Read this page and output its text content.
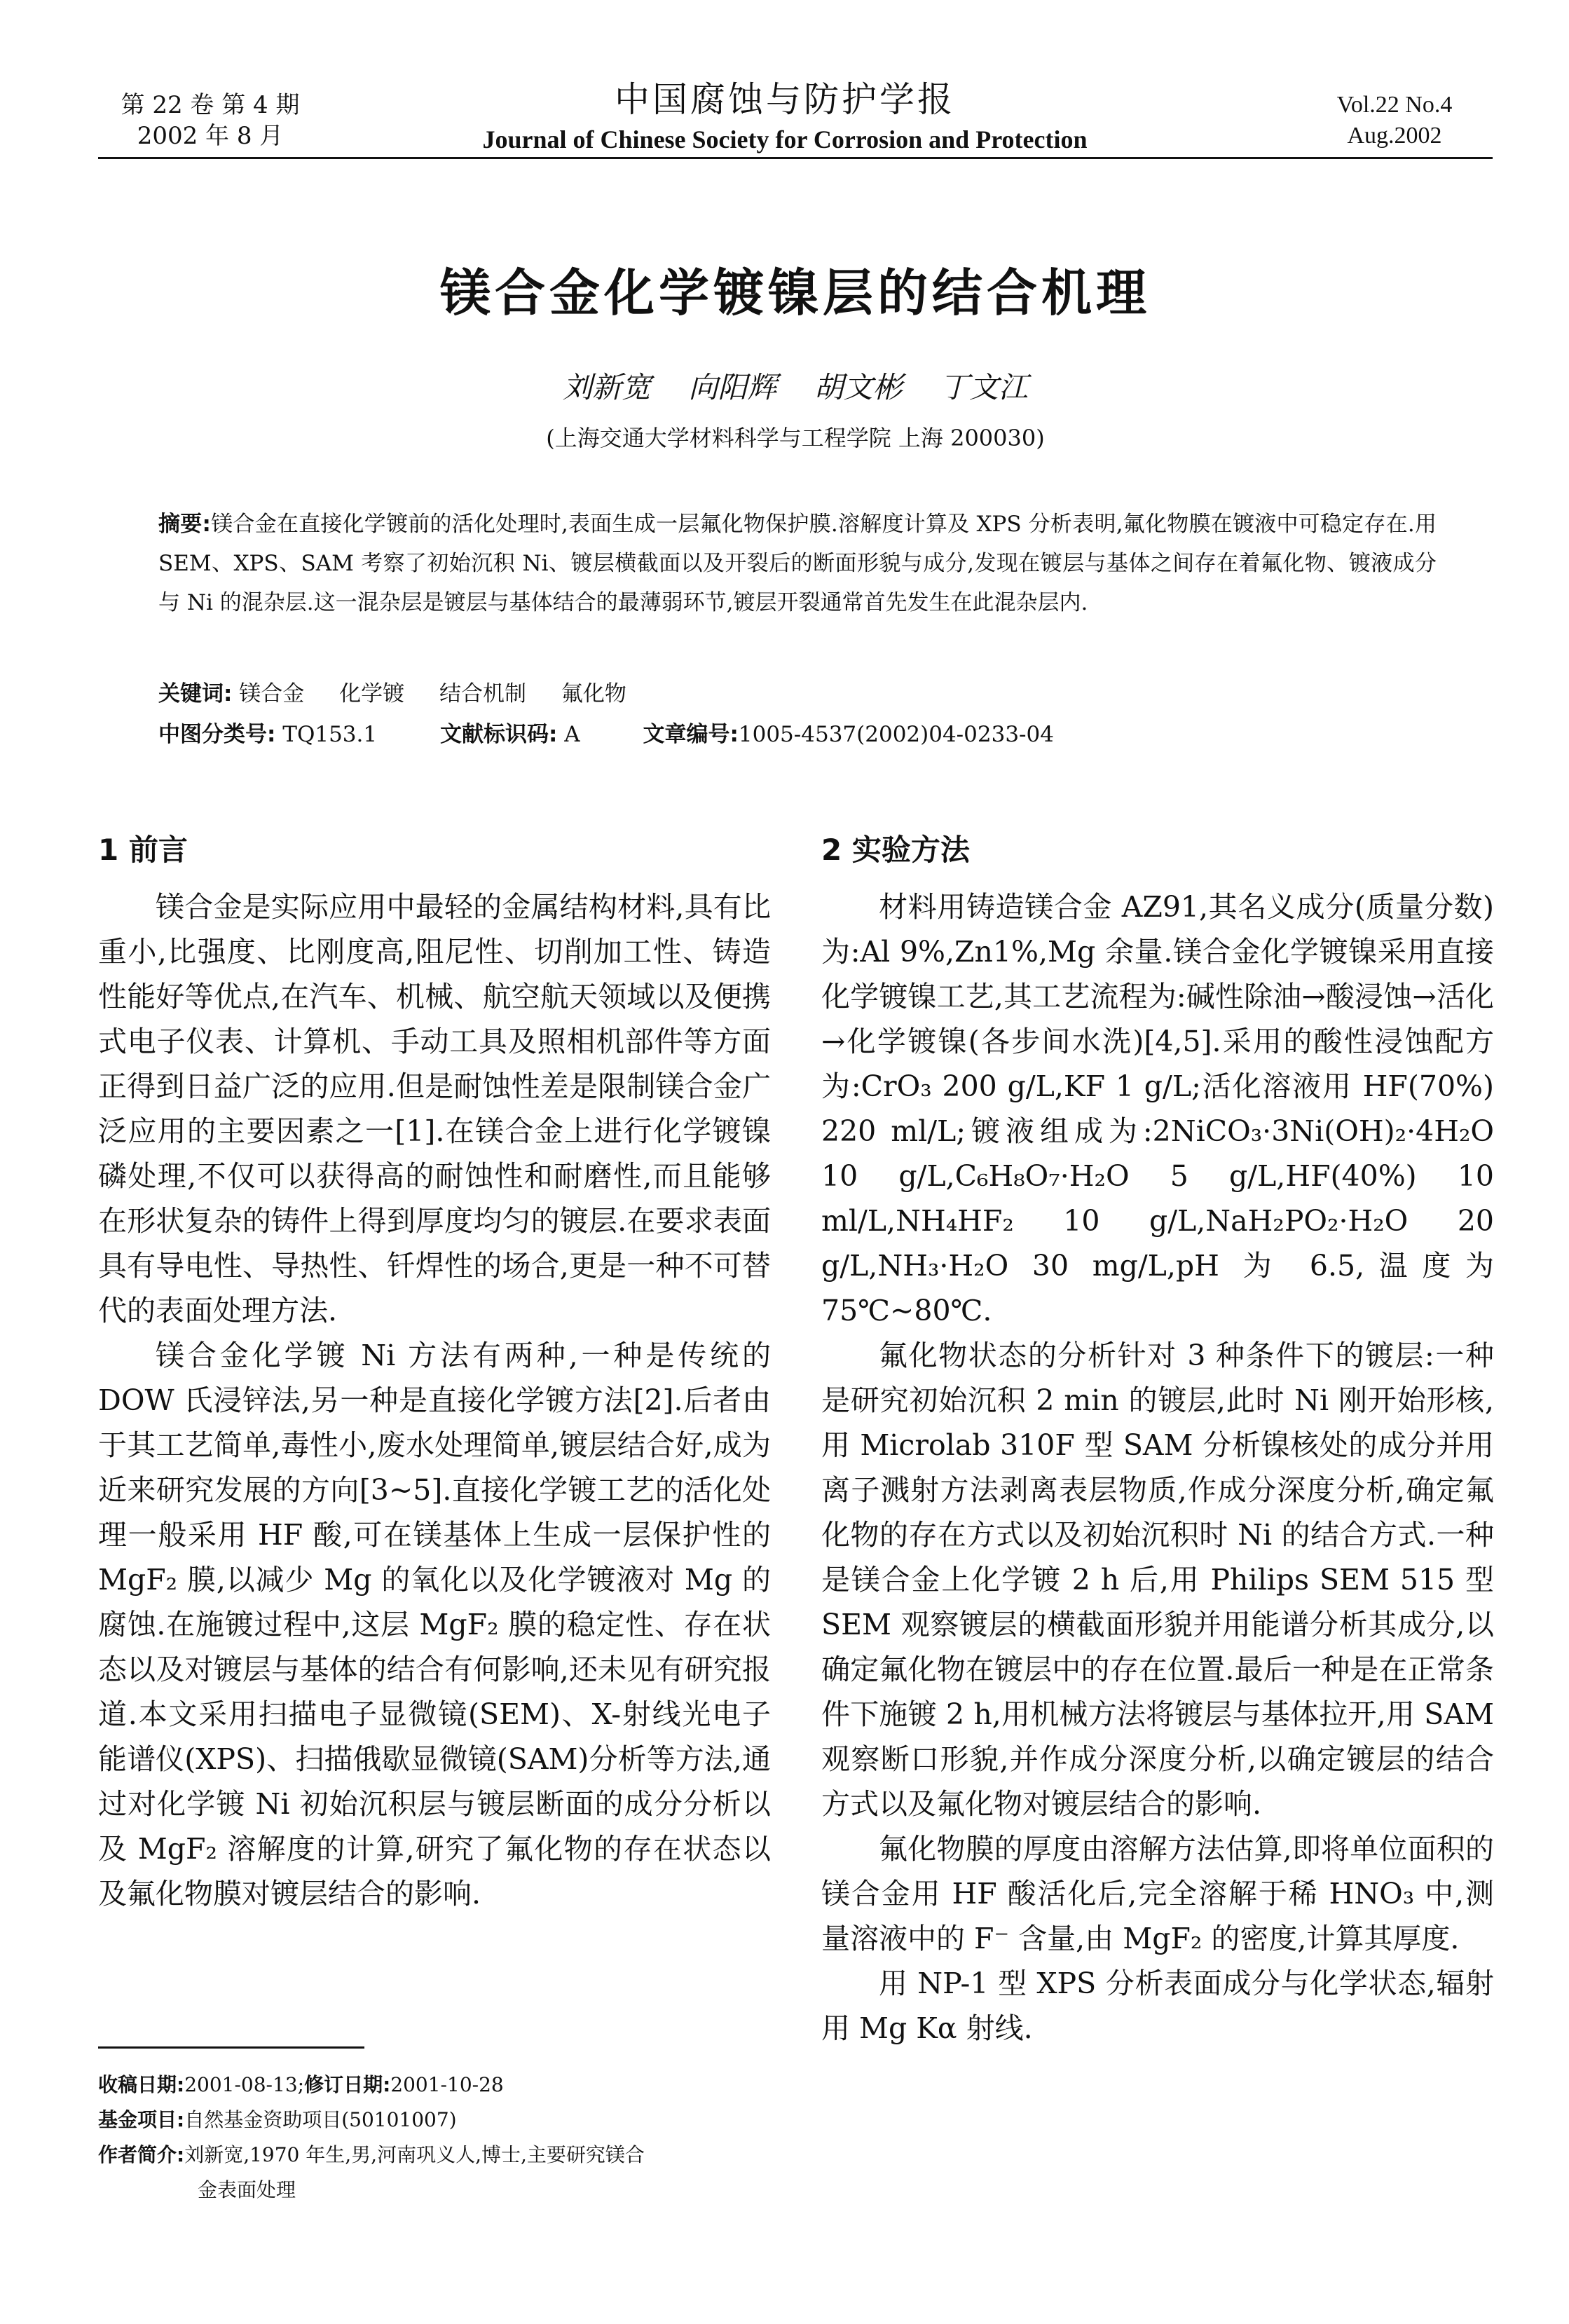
第 22 卷 第 4 期
2002 年 8 月
中国腐蚀与防护学报
Journal of Chinese Society for Corrosion and Protection
Vol.22 No.4
Aug.2002
镁合金化学镀镍层的结合机理
刘新宽 向阳辉 胡文彬 丁文江
(上海交通大学材料科学与工程学院 上海 200030)
摘要:镁合金在直接化学镀前的活化处理时,表面生成一层氟化物保护膜.溶解度计算及 XPS 分析表明,氟化物膜在镀液中可稳定存在.用 SEM、XPS、SAM 考察了初始沉积 Ni、镀层横截面以及开裂后的断面形貌与成分,发现在镀层与基体之间存在着氟化物、镀液成分与 Ni 的混杂层.这一混杂层是镀层与基体结合的最薄弱环节,镀层开裂通常首先发生在此混杂层内.
关键词: 镁合金 化学镀 结合机制 氟化物
中图分类号: TQ153.1	文献标识码: A	文章编号:1005-4537(2002)04-0233-04
1 前言

镁合金是实际应用中最轻的金属结构材料,具有比重小,比强度、比刚度高,阻尼性、切削加工性、铸造性能好等优点,在汽车、机械、航空航天领域以及便携式电子仪表、计算机、手动工具及照相机部件等方面正得到日益广泛的应用.但是耐蚀性差是限制镁合金广泛应用的主要因素之一[1].在镁合金上进行化学镀镍磷处理,不仅可以获得高的耐蚀性和耐磨性,而且能够在形状复杂的铸件上得到厚度均匀的镀层.在要求表面具有导电性、导热性、钎焊性的场合,更是一种不可替代的表面处理方法.

镁合金化学镀 Ni 方法有两种,一种是传统的 DOW 氏浸锌法,另一种是直接化学镀方法[2].后者由于其工艺简单,毒性小,废水处理简单,镀层结合好,成为近来研究发展的方向[3~5].直接化学镀工艺的活化处理一般采用 HF 酸,可在镁基体上生成一层保护性的 MgF₂ 膜,以减少 Mg 的氧化以及化学镀液对 Mg 的腐蚀.在施镀过程中,这层 MgF₂ 膜的稳定性、存在状态以及对镀层与基体的结合有何影响,还未见有研究报道.本文采用扫描电子显微镜(SEM)、X-射线光电子能谱仪(XPS)、扫描俄歇显微镜(SAM)分析等方法,通过对化学镀 Ni 初始沉积层与镀层断面的成分分析以及 MgF₂ 溶解度的计算,研究了氟化物的存在状态以及氟化物膜对镀层结合的影响.

2 实验方法

材料用铸造镁合金 AZ91,其名义成分(质量分数)为:Al 9%,Zn1%,Mg 余量.镁合金化学镀镍采用直接化学镀镍工艺,其工艺流程为:碱性除油→酸浸蚀→活化→化学镀镍(各步间水洗)[4,5].采用的酸性浸蚀配方为:CrO₃ 200 g/L,KF 1 g/L;活化溶液用 HF(70%) 220 ml/L;镀液组成为:2NiCO₃·3Ni(OH)₂·4H₂O 10 g/L,C₆H₈O₇·H₂O 5 g/L,HF(40%) 10 ml/L,NH₄HF₂ 10 g/L,NaH₂PO₂·H₂O 20 g/L,NH₃·H₂O 30 mg/L,pH 为 6.5,温度为 75℃~80℃.

氟化物状态的分析针对 3 种条件下的镀层:一种是研究初始沉积 2 min 的镀层,此时 Ni 刚开始形核,用 Microlab 310F 型 SAM 分析镍核处的成分并用离子溅射方法剥离表层物质,作成分深度分析,确定氟化物的存在方式以及初始沉积时 Ni 的结合方式.一种是镁合金上化学镀 2 h 后,用 Philips SEM 515 型 SEM 观察镀层的横截面形貌并用能谱分析其成分,以确定氟化物在镀层中的存在位置.最后一种是在正常条件下施镀 2 h,用机械方法将镀层与基体拉开,用 SAM 观察断口形貌,并作成分深度分析,以确定镀层的结合方式以及氟化物对镀层结合的影响.

氟化物膜的厚度由溶解方法估算,即将单位面积的镁合金用 HF 酸活化后,完全溶解于稀 HNO₃ 中,测量溶液中的 F⁻ 含量,由 MgF₂ 的密度,计算其厚度.

用 NP-1 型 XPS 分析表面成分与化学状态,辐射用 Mg Kα 射线.

收稿日期:2001-08-13;修订日期:2001-10-28
基金项目:自然基金资助项目(50101007)
作者简介:刘新宽,1970 年生,男,河南巩义人,博士,主要研究镁合
金表面处理
